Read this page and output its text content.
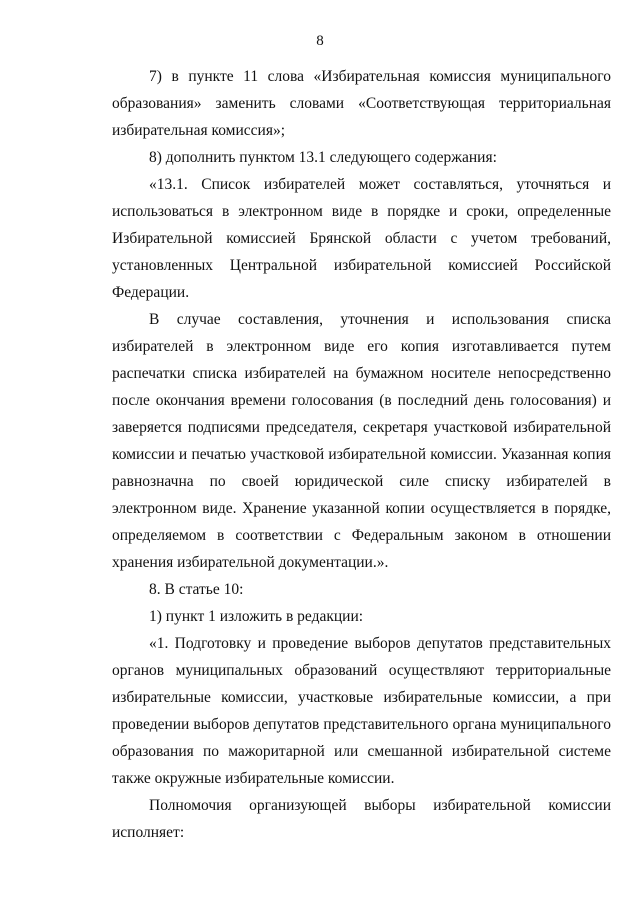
8

7) в пункте 11 слова «Избирательная комиссия муниципального образования» заменить словами «Соответствующая территориальная избирательная комиссия»;

8) дополнить пунктом 13.1 следующего содержания:

«13.1. Список избирателей может составляться, уточняться и использоваться в электронном виде в порядке и сроки, определенные Избирательной комиссией Брянской области с учетом требований, установленных Центральной избирательной комиссией Российской Федерации.

В случае составления, уточнения и использования списка избирателей в электронном виде его копия изготавливается путем распечатки списка избирателей на бумажном носителе непосредственно после окончания времени голосования (в последний день голосования) и заверяется подписями председателя, секретаря участковой избирательной комиссии и печатью участковой избирательной комиссии. Указанная копия равнозначна по своей юридической силе списку избирателей в электронном виде. Хранение указанной копии осуществляется в порядке, определяемом в соответствии с Федеральным законом в отношении хранения избирательной документации.».

8. В статье 10:

1) пункт 1 изложить в редакции:

«1. Подготовку и проведение выборов депутатов представительных органов муниципальных образований осуществляют территориальные избирательные комиссии, участковые избирательные комиссии, а при проведении выборов депутатов представительного органа муниципального образования по мажоритарной или смешанной избирательной системе также окружные избирательные комиссии.

Полномочия организующей выборы избирательной комиссии исполняет:
